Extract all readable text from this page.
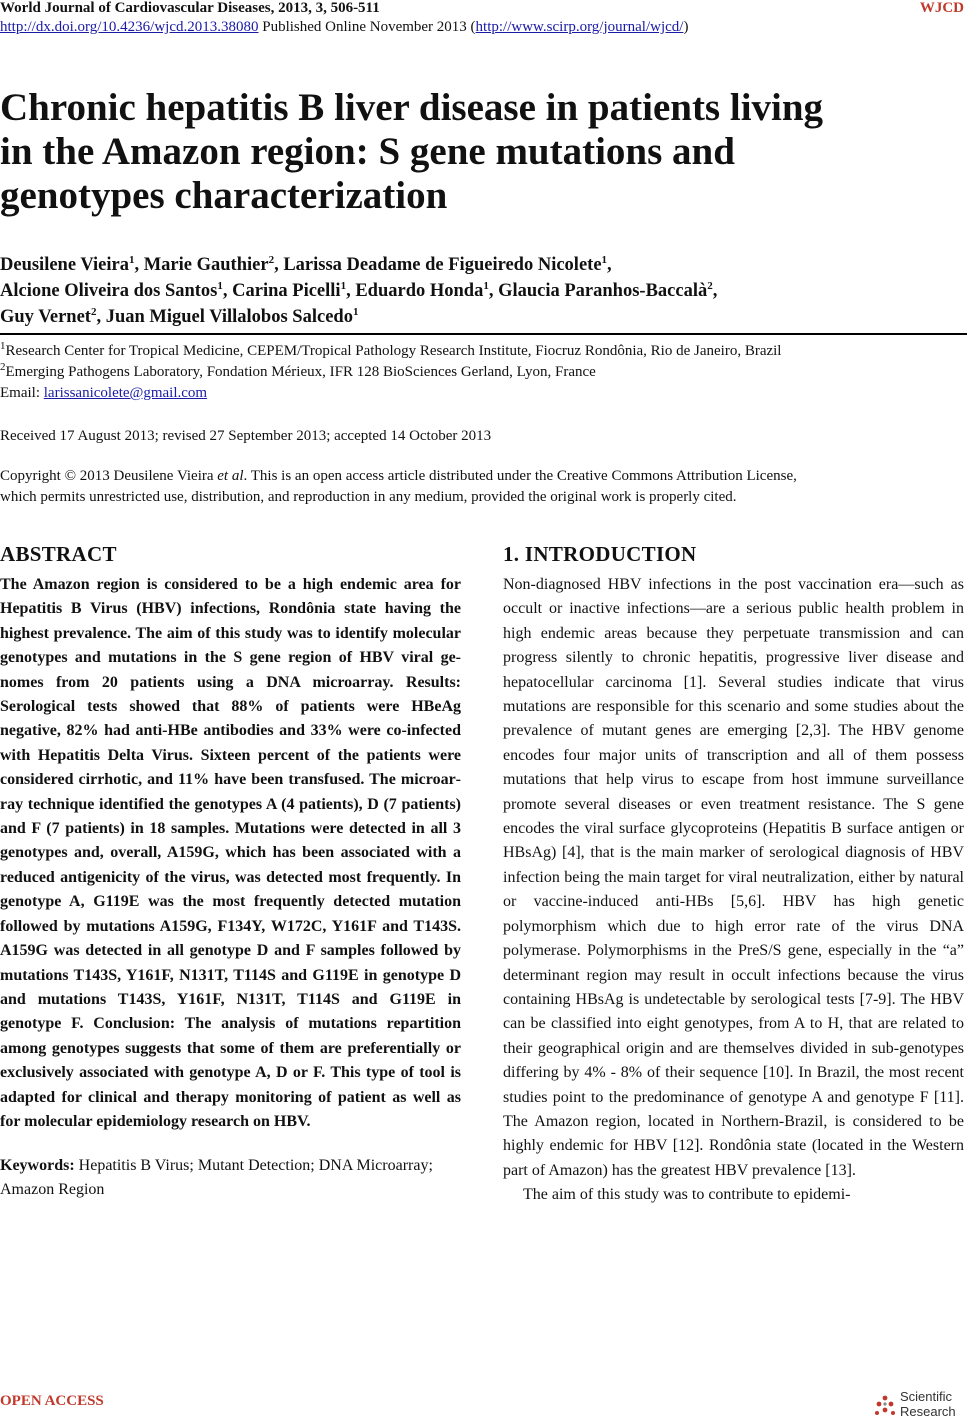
World Journal of Cardiovascular Diseases, 2013, 3, 506-511	WJCD
http://dx.doi.org/10.4236/wjcd.2013.38080 Published Online November 2013 (http://www.scirp.org/journal/wjcd/)
Chronic hepatitis B liver disease in patients living
in the Amazon region: S gene mutations and
genotypes characterization
Deusilene Vieira$^1$, Marie Gauthier$^2$, Larissa Deadame de Figueiredo Nicolete$^1$,
Alcione Oliveira dos Santos$^1$, Carina Picelli$^1$, Eduardo Honda$^1$, Glaucia Paranhos-Baccalà$^2$,
Guy Vernet$^2$, Juan Miguel Villalobos Salcedo$^1$
$^1$Research Center for Tropical Medicine, CEPEM/Tropical Pathology Research Institute, Fiocruz Rondônia, Rio de Janeiro, Brazil
$^2$Emerging Pathogens Laboratory, Fondation Mérieux, IFR 128 BioSciences Gerland, Lyon, France
Email: larissanicolete@gmail.com
Received 17 August 2013; revised 27 September 2013; accepted 14 October 2013
Copyright © 2013 Deusilene Vieira et al. This is an open access article distributed under the Creative Commons Attribution License,
which permits unrestricted use, distribution, and reproduction in any medium, provided the original work is properly cited.
ABSTRACT

The Amazon region is considered to be a high endemic area for Hepatitis B Virus (HBV) infections, Rondônia state having the highest prevalence. The aim of this study was to identify molecular genotypes and mutations in the S gene region of HBV viral genomes from 20 patients using a DNA microarray. Results: Serological tests showed that 88% of patients were HBeAg negative, 82% had anti-HBe antibodies and 33% were co-infected with Hepatitis Delta Virus. Sixteen percent of the patients were considered cirrhotic, and 11% have been transfused. The microarray technique identified the genotypes A (4 patients), D (7 patients) and F (7 patients) in 18 samples. Mutations were detected in all 3 genotypes and, overall, A159G, which has been associated with a reduced antigenicity of the virus, was detected most frequently. In genotype A, G119E was the most frequently detected mutation followed by mutations A159G, F134Y, W172C, Y161F and T143S. A159G was detected in all genotype D and F samples followed by mutations T143S, Y161F, N131T, T114S and G119E in genotype D and mutations T143S, Y161F, N131T, T114S and G119E in genotype F. Conclusion: The analysis of mutations repartition among genotypes suggests that some of them are preferentially or exclusively associated with genotype A, D or F. This type of tool is adapted for clinical and therapy monitoring of patient as well as for molecular epidemiology research on HBV.

Keywords: Hepatitis B Virus; Mutant Detection; DNA Microarray; Amazon Region
1. INTRODUCTION

Non-diagnosed HBV infections in the post vaccination era—such as occult or inactive infections—are a serious public health problem in high endemic areas because they perpetuate transmission and can progress silently to chronic hepatitis, progressive liver disease and hepatocellular carcinoma [1]. Several studies indicate that virus mutations are responsible for this scenario and some studies about the prevalence of mutant genes are emerging [2,3]. The HBV genome encodes four major units of transcription and all of them possess mutations that help virus to escape from host immune surveillance promote several diseases or even treatment resistance. The S gene encodes the viral surface glycoproteins (Hepatitis B surface antigen or HBsAg) [4], that is the main marker of serological diagnosis of HBV infection being the main target for viral neutralization, either by natural or vaccine-induced anti-HBs [5,6]. HBV has high genetic polymorphism which due to high error rate of the virus DNA polymerase. Polymorphisms in the PreS/S gene, especially in the “a” determinant region may result in occult infections because the virus containing HBsAg is undetectable by serological tests [7-9]. The HBV can be classified into eight genotypes, from A to H, that are related to their geographical origin and are themselves divided in sub-genotypes differing by 4% - 8% of their sequence [10]. In Brazil, the most recent studies point to the predominance of genotype A and genotype F [11]. The Amazon region, located in Northern-Brazil, is considered to be highly endemic for HBV [12]. Rondônia state (located in the Western part of Amazon) has the greatest HBV prevalence [13].

The aim of this study was to contribute to epidemi-

OPEN ACCESS	Scientific
Research
